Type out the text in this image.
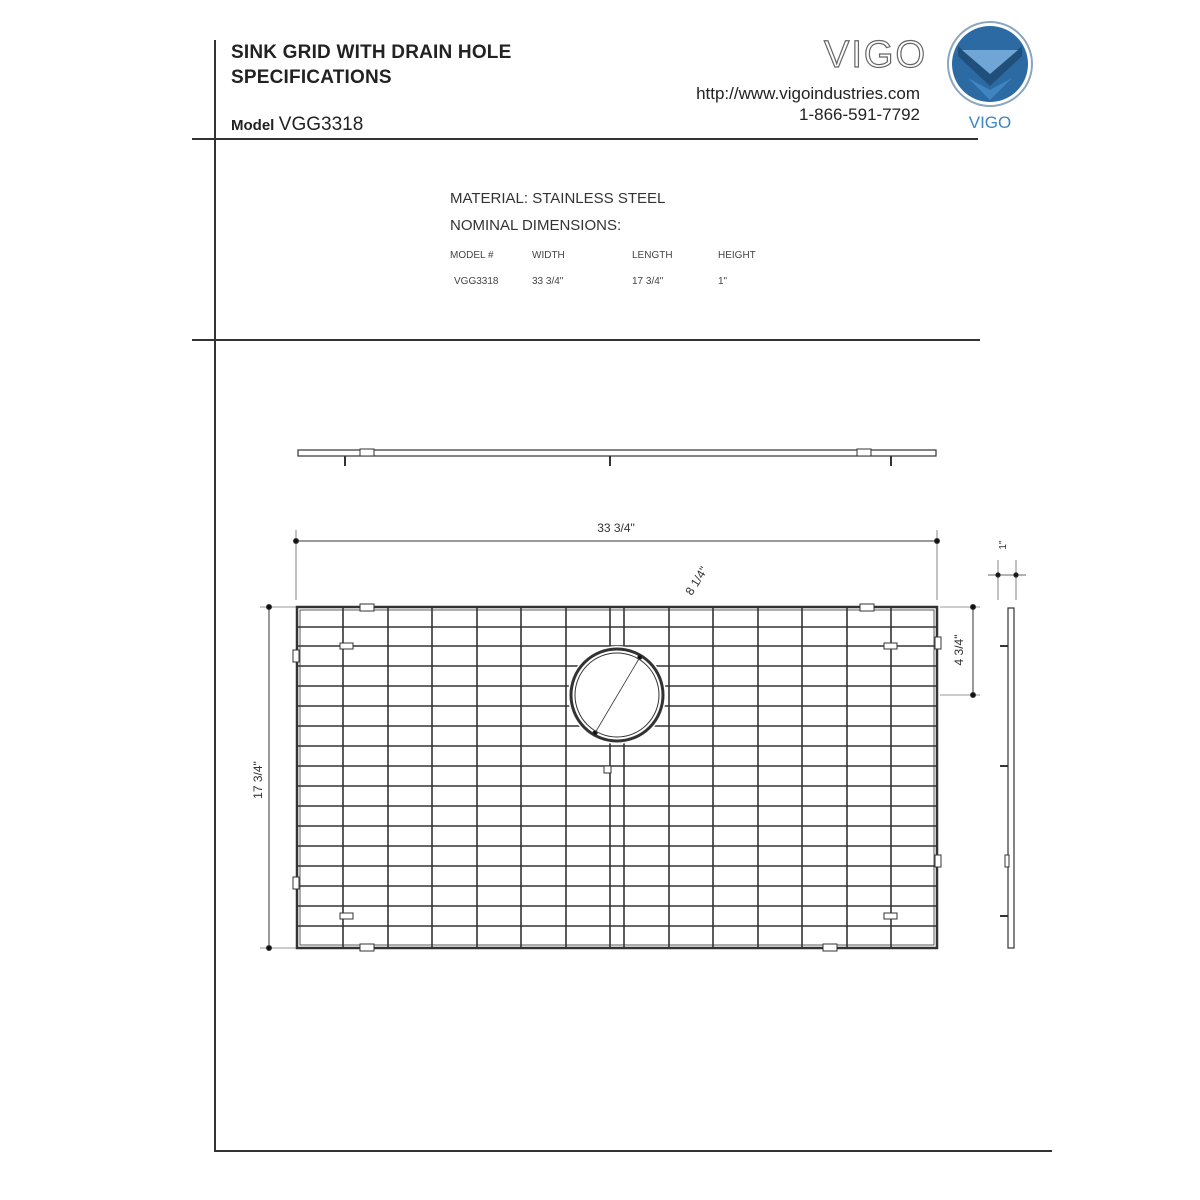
SINK GRID WITH DRAIN HOLE
SPECIFICATIONS
Model VGG3318
VIGO
http://www.vigoindustries.com
1-866-591-7792	VIGO
MATERIAL: STAINLESS STEEL
NOMINAL DIMENSIONS:
MODEL #	WIDTH	LENGTH	HEIGHT
VGG3318	33 3/4"	17 3/4"	1"
33 3/4"
17 3/4"
8 1/4"
4 3/4"
1"
